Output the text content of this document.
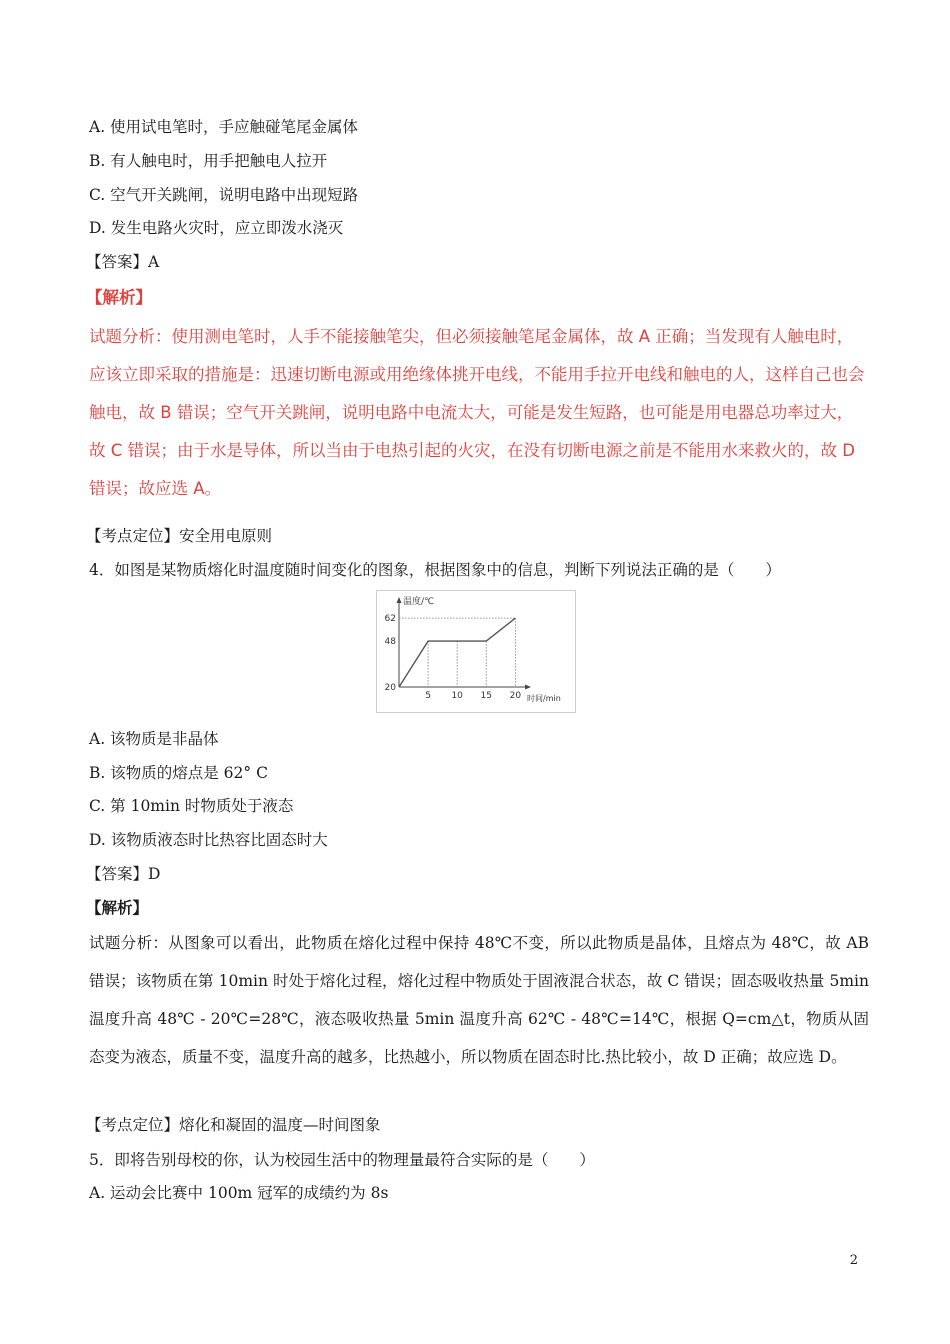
A. 使用试电笔时，手应触碰笔尾金属体
B. 有人触电时，用手把触电人拉开
C. 空气开关跳闸，说明电路中出现短路
D. 发生电路火灾时，应立即泼水浇灭
【答案】A
【解析】
试题分析：使用测电笔时，人手不能接触笔尖，但必须接触笔尾金属体，故 A 正确；当发现有人触电时，应该立即采取的措施是：迅速切断电源或用绝缘体挑开电线，不能用手拉开电线和触电的人，这样自己也会触电，故 B 错误；空气开关跳闸，说明电路中电流太大，可能是发生短路，也可能是用电器总功率过大，故 C 错误；由于水是导体，所以当由于电热引起的火灾，在没有切断电源之前是不能用水来救火的，故 D 错误；故应选 A。
【考点定位】安全用电原则
4．如图是某物质熔化时温度随时间变化的图象，根据图象中的信息，判断下列说法正确的是（　　）
温度/℃
时间/min
20
48
62
5 10 15 20
A. 该物质是非晶体
B. 该物质的熔点是 62° C
C. 第 10min 时物质处于液态
D. 该物质液态时比热容比固态时大
【答案】D
【解析】
试题分析：从图象可以看出，此物质在熔化过程中保持 48℃不变，所以此物质是晶体，且熔点为 48℃，故 AB 错误；该物质在第 10min 时处于熔化过程，熔化过程中物质处于固液混合状态，故 C 错误；固态吸收热量 5min 温度升高 48℃ - 20℃=28℃，液态吸收热量 5min 温度升高 62℃ - 48℃=14℃，根据 Q=cm△t，物质从固态变为液态，质量不变，温度升高的越多，比热越小，所以物质在固态时比.热比较小，故 D 正确；故应选 D。
【考点定位】熔化和凝固的温度—时间图象
5．即将告别母校的你，认为校园生活中的物理量最符合实际的是（　　）
A. 运动会比赛中 100m 冠军的成绩约为 8s
2
